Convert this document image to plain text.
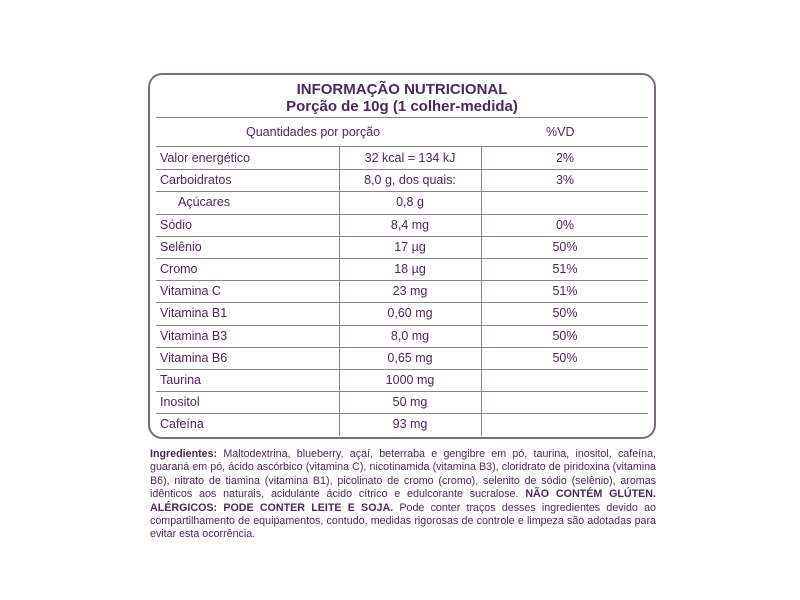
INFORMAÇÃO NUTRICIONAL
Porção de 10g (1 colher-medida)
Quantidades por porção	%VD
Valor energético	32 kcal = 134 kJ	2%
Carboidratos	8,0 g, dos quais:	3%
Açúcares	0,8 g
Sódio	8,4 mg	0%
Selênio	17 µg	50%
Cromo	18 µg	51%
Vitamina C	23 mg	51%
Vitamina B1	0,60 mg	50%
Vitamina B3	8,0 mg	50%
Vitamina B6	0,65 mg	50%
Taurina	1000 mg
Inositol	50 mg
Cafeína	93 mg
Ingredientes: Maltodextrina, blueberry, açaí, beterraba e gengibre em pó, taurina, inositol, cafeína, guaraná em pó, ácido ascórbico (vitamina C), nicotinamida (vitamina B3), cloridrato de piridoxina (vitamina B6), nitrato de tiamina (vitamina B1), picolinato de cromo (cromo), selenito de sódio (selênio), aromas idênticos aos naturais, acidulante ácido cítrico e edulcorante sucralose. NÃO CONTÉM GLÚTEN. ALÉRGICOS: PODE CONTER LEITE E SOJA. Pode conter traços desses ingredientes devido ao compartilhamento de equipamentos, contudo, medidas rigorosas de controle e limpeza são adotadas para evitar esta ocorrência.
